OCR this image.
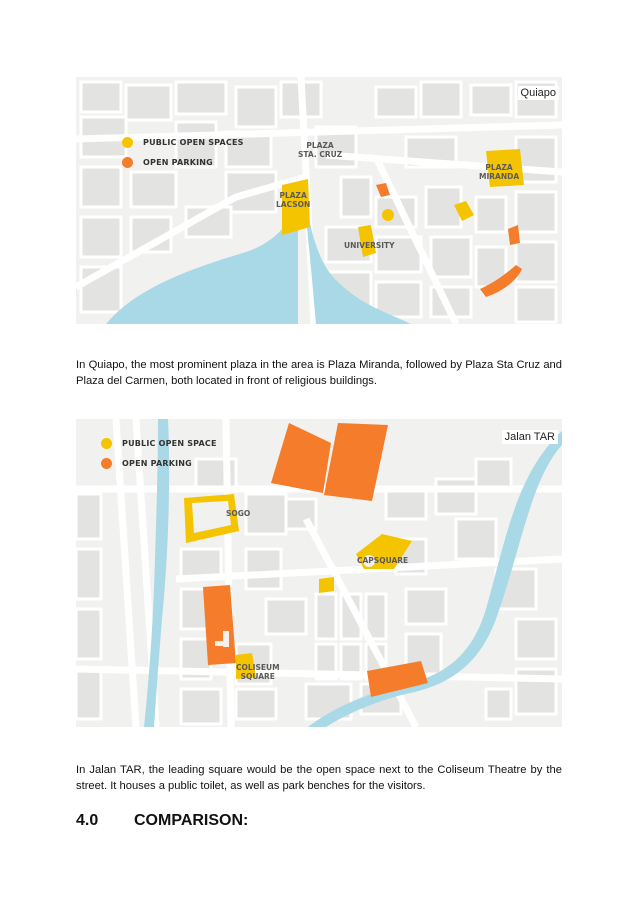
Quiapo
PUBLIC OPEN SPACES
OPEN PARKING
PLAZA
STA. CRUZ
PLAZA
MIRANDA
PLAZA
LACSON
UNIVERSITY
In Quiapo, the most prominent plaza in the area is Plaza Miranda, followed by Plaza Sta Cruz and Plaza del Carmen, both located in front of religious buildings.
Jalan TAR
PUBLIC OPEN SPACE
OPEN PARKING
SOGO
CAPSQUARE
COLISEUM
SQUARE
In Jalan TAR, the leading square would be the open space next to the Coliseum Theatre by the street. It houses a public toilet, as well as park benches for the visitors.
4.0 COMPARISON:
